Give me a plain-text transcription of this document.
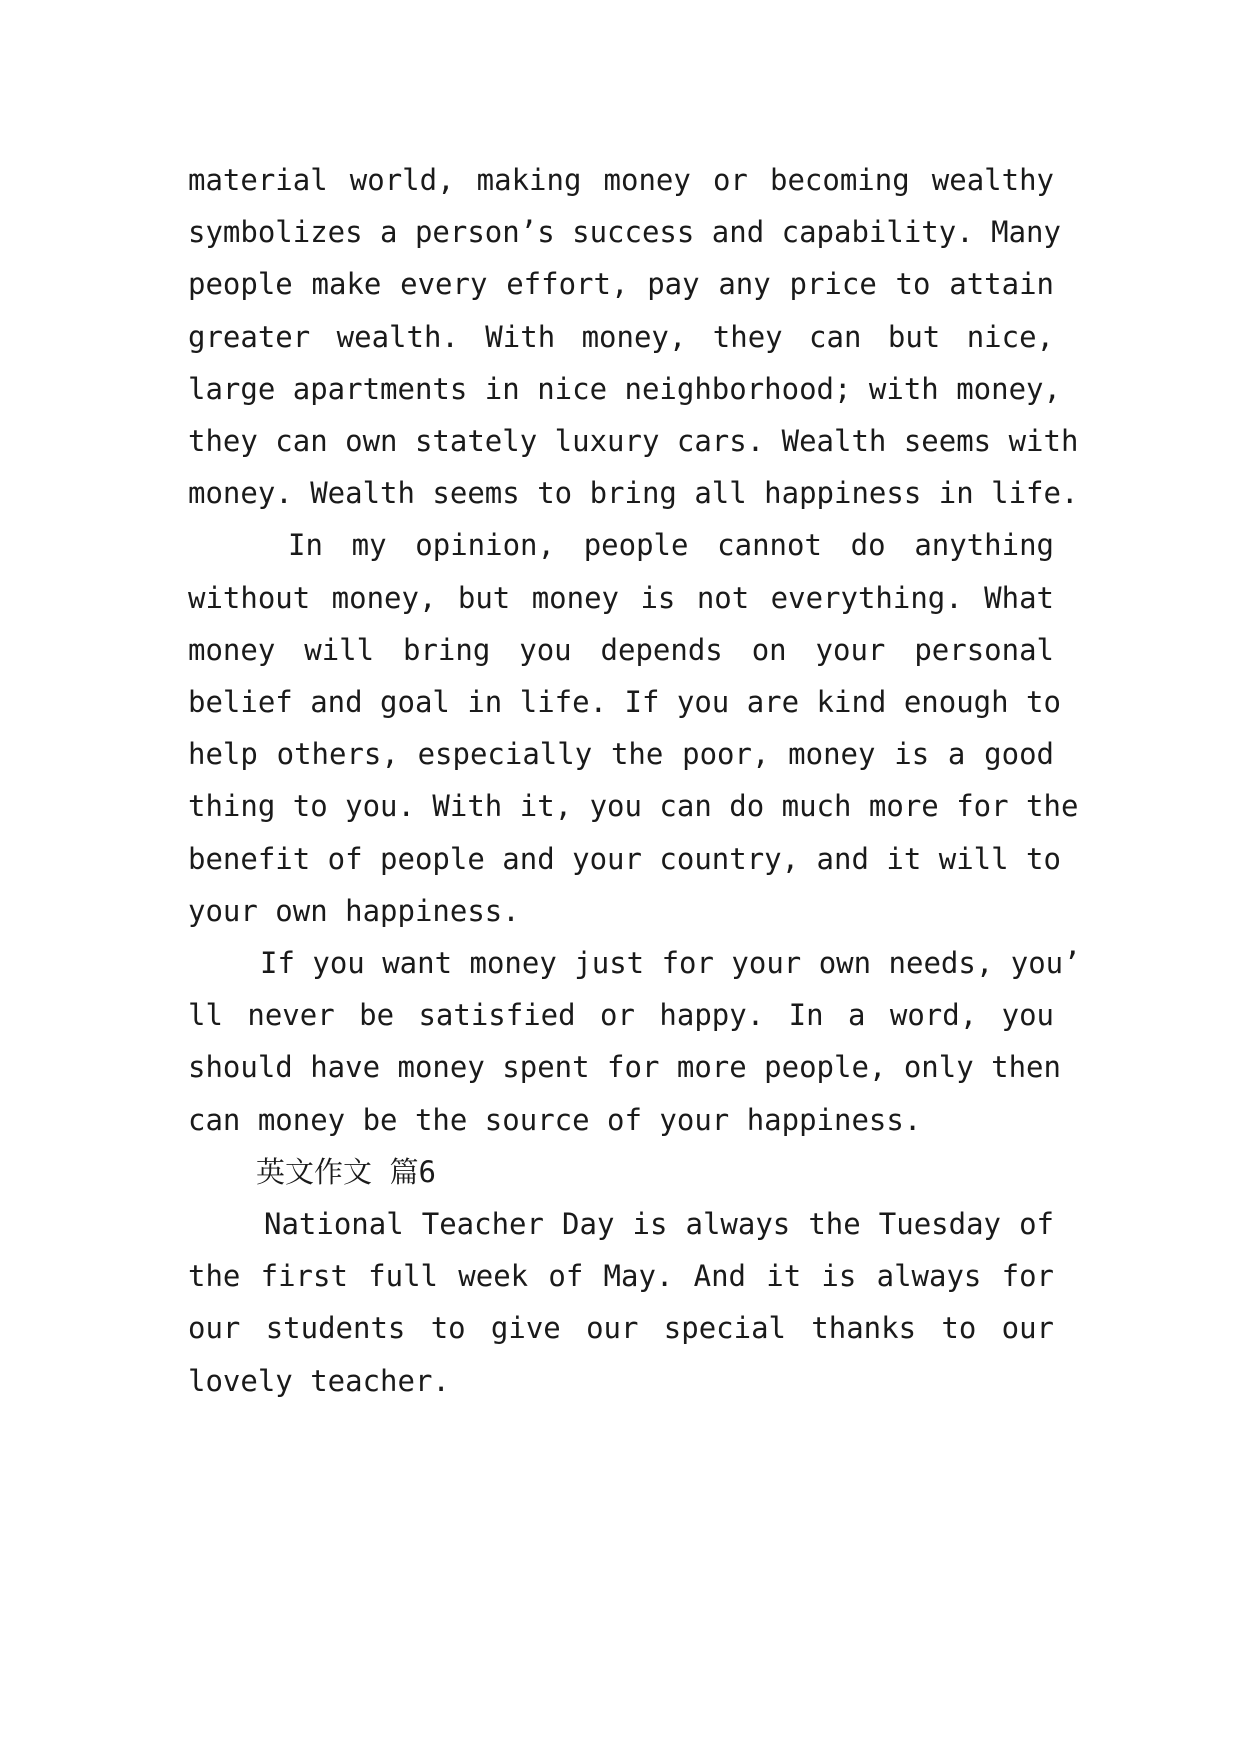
material world, making money or becoming wealthy
symbolizes a person’s success and capability. Many
people make every effort, pay any price to attain
greater wealth. With money, they can but nice,
large apartments in nice neighborhood; with money,
they can own stately luxury cars. Wealth seems with
money. Wealth seems to bring all happiness in life.
In my opinion, people cannot do anything
without money, but money is not everything. What
money will bring you depends on your personal
belief and goal in life. If you are kind enough to
help others, especially the poor, money is a good
thing to you. With it, you can do much more for the
benefit of people and your country, and it will to
your own happiness.
If you want money just for your own needs, you’
ll never be satisfied or happy. In a word, you
should have money spent for more people, only then
can money be the source of your happiness.
英文作文 篇6
National Teacher Day is always the Tuesday of
the first full week of May. And it is always for
our students to give our special thanks to our
lovely teacher.
